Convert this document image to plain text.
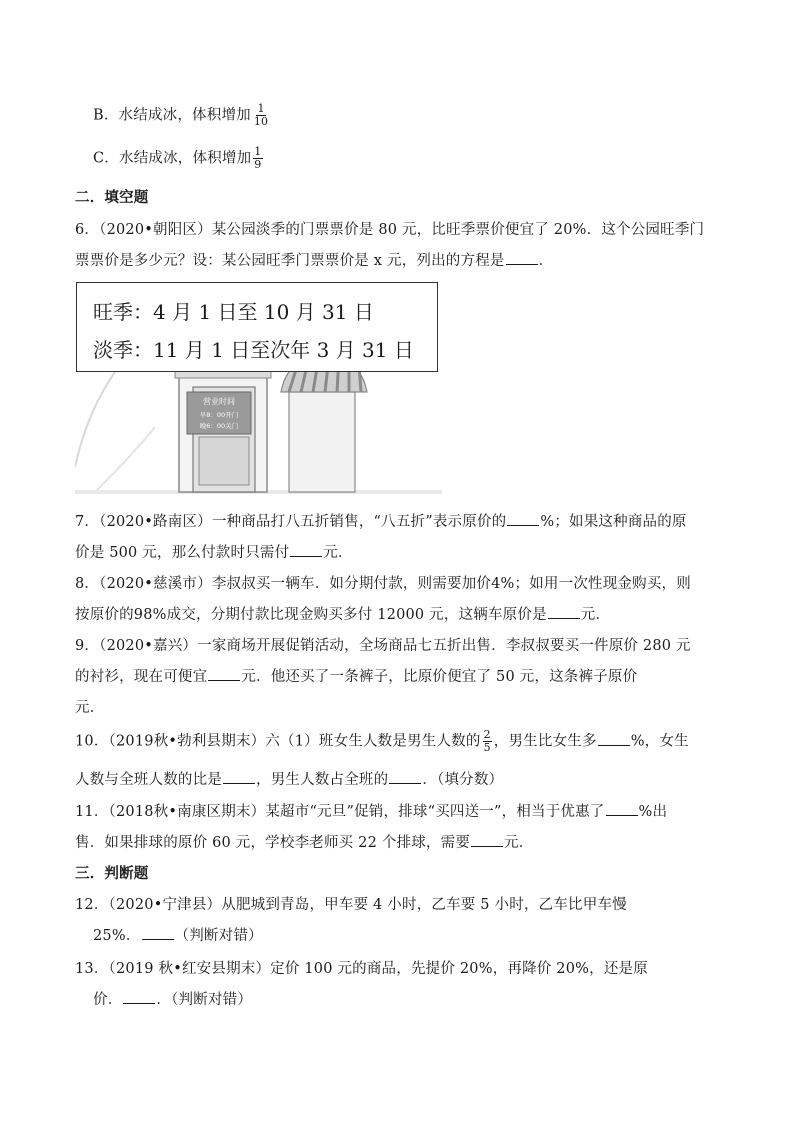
B．水结成冰，体积增加 $\frac{1}{10}$
C．水结成冰，体积增加 $\frac{1}{9}$
二．填空题
6．（2020•朝阳区）某公园淡季的门票票价是 80 元，比旺季票价便宜了 20%．这个公园旺季门
票票价是多少元？设：某公园旺季门票票价是 x 元，列出的方程是 ．
营业时间
早8：00开门
晚6：00关门
旺季：4 月 1 日至 10 月 31 日
淡季：11 月 1 日至次年 3 月 31 日
7．（2020•路南区）一种商品打八五折销售，“八五折”表示原价的 %；如果这种商品的原
价是 500 元，那么付款时只需付 元．
8．（2020•慈溪市）李叔叔买一辆车．如分期付款，则需要加价4%；如用一次性现金购买，则
按原价的98%成交，分期付款比现金购买多付 12000 元，这辆车原价是 元．
9．（2020•嘉兴）一家商场开展促销活动，全场商品七五折出售．李叔叔要买一件原价 280 元
的衬衫，现在可便宜 元．他还买了一条裤子，比原价便宜了 50 元，这条裤子原价
元．
10．（2019秋•勃利县期末）六（1）班女生人数是男生人数的 $\frac{2}{5}$ ，男生比女生多 %，女生
人数与全班人数的比是 ，男生人数占全班的 ．（填分数）
11．（2018秋•南康区期末）某超市“元旦”促销，排球“买四送一”，相当于优惠了 %出
售．如果排球的原价 60 元，学校李老师买 22 个排球，需要 元．
三．判断题
12．（2020•宁津县）从肥城到青岛，甲车要 4 小时，乙车要 5 小时，乙车比甲车慢
25%． （判断对错）
13．（2019 秋•红安县期末）定价 100 元的商品，先提价 20%，再降价 20%，还是原
价． ．（判断对错）
